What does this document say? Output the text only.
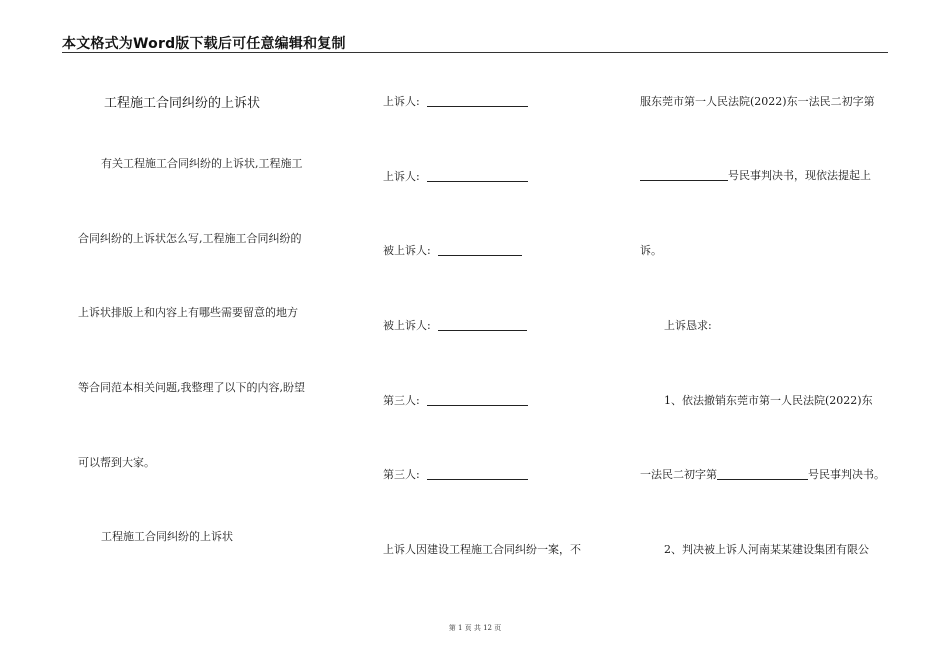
本文格式为Word版下载后可任意编辑和复制
工程施工合同纠纷的上诉状
有关工程施工合同纠纷的上诉状,工程施工
合同纠纷的上诉状怎么写,工程施工合同纠纷的
上诉状排版上和内容上有哪些需要留意的地方
等合同范本相关问题,我整理了以下的内容,盼望
可以帮到大家。
工程施工合同纠纷的上诉状
上诉人:
上诉人:
被上诉人:
被上诉人:
第三人:
第三人:
上诉人因建设工程施工合同纠纷一案，不
服东莞市第一人民法院(2022)东一法民二初字第
号民事判决书，现依法提起上
诉。
上诉恳求:
1、依法撤销东莞市第一人民法院(2022)东
一法民二初字第	号民事判决书。
2、判决被上诉人河南某某建设集团有限公
第 1 页 共 12 页
